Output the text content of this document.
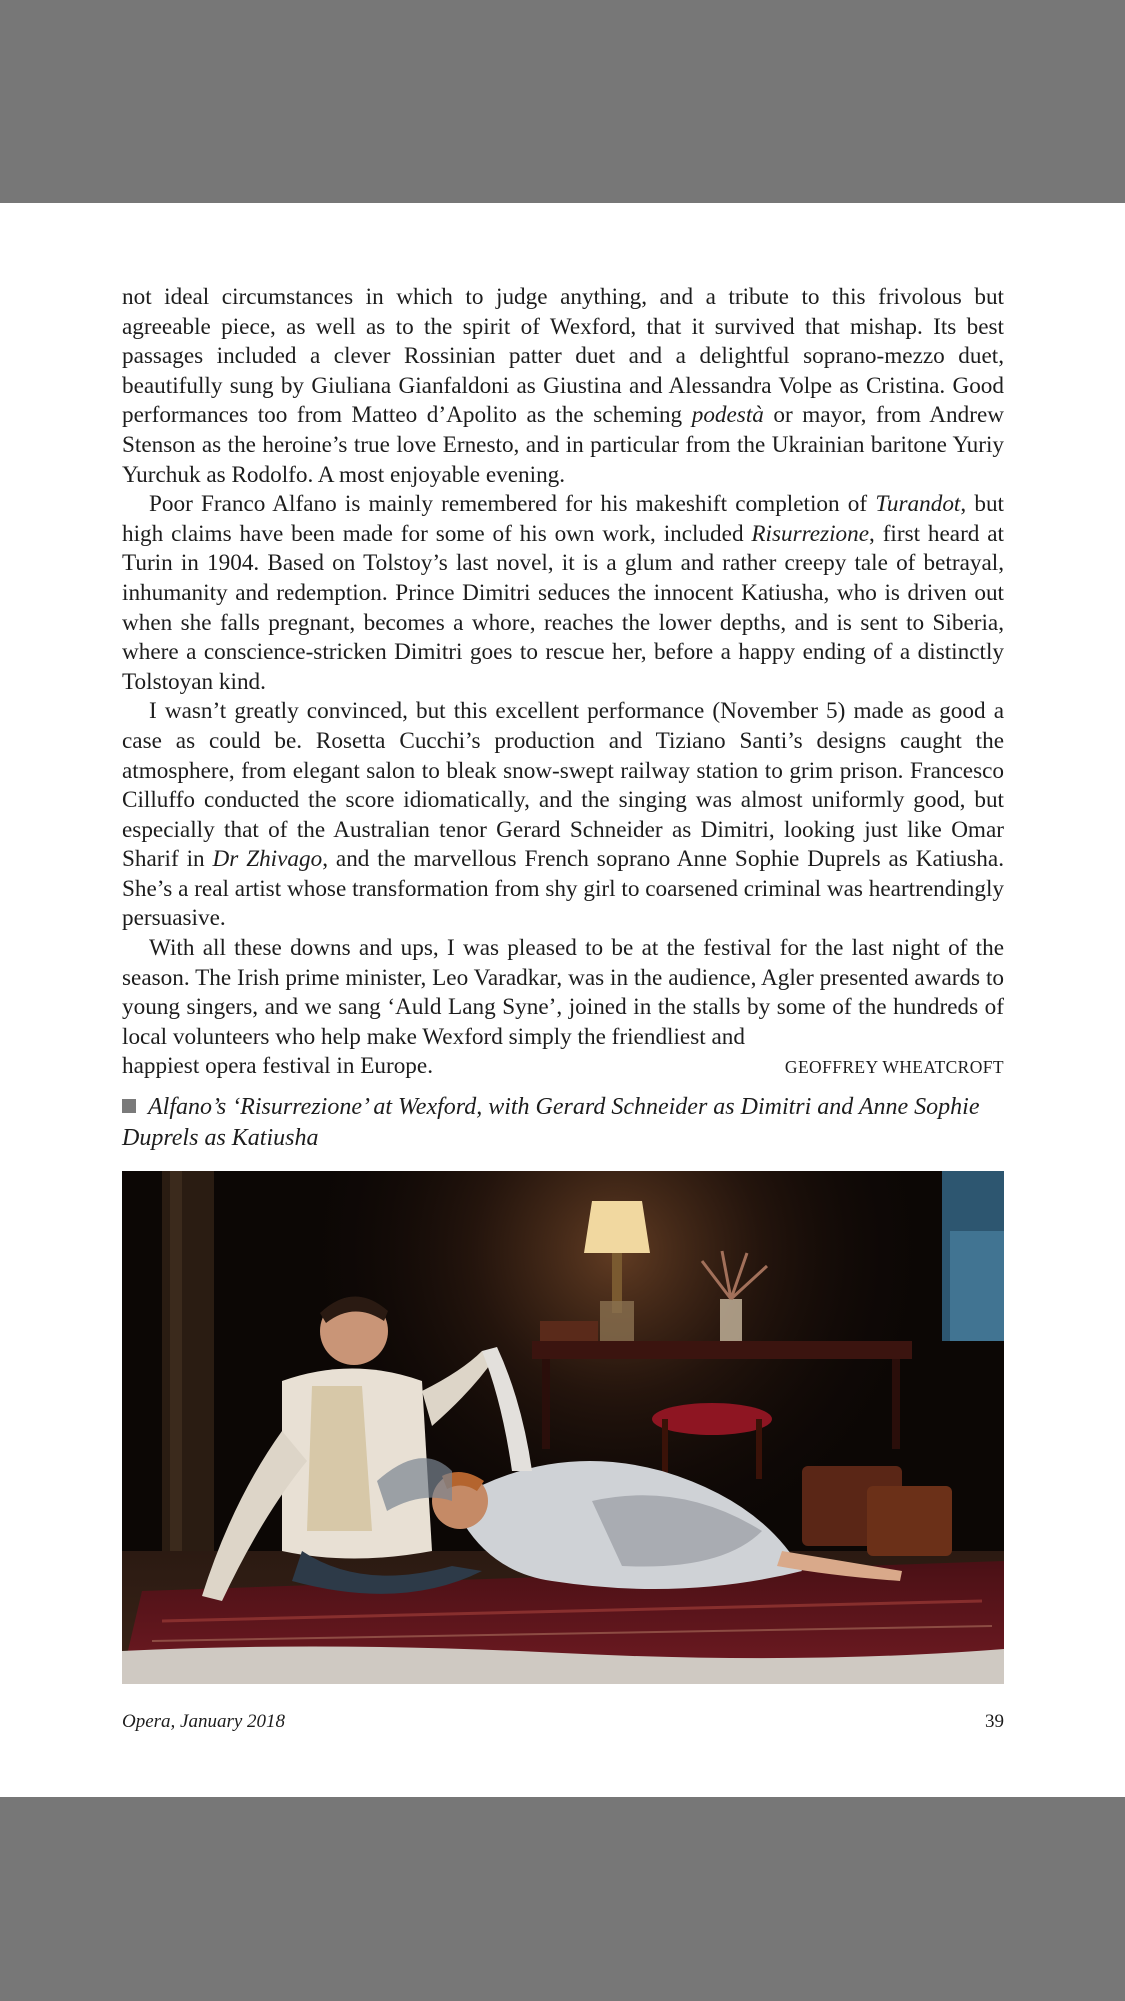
not ideal circumstances in which to judge anything, and a tribute to this frivolous but agreeable piece, as well as to the spirit of Wexford, that it survived that mishap. Its best passages included a clever Rossinian patter duet and a delightful soprano-mezzo duet, beautifully sung by Giuliana Gianfaldoni as Giustina and Alessandra Volpe as Cristina. Good performances too from Matteo d’Apolito as the scheming podestà or mayor, from Andrew Stenson as the heroine’s true love Ernesto, and in particular from the Ukrainian baritone Yuriy Yurchuk as Rodolfo. A most enjoyable evening.

Poor Franco Alfano is mainly remembered for his makeshift completion of Turandot, but high claims have been made for some of his own work, included Risurrezione, first heard at Turin in 1904. Based on Tolstoy’s last novel, it is a glum and rather creepy tale of betrayal, inhumanity and redemption. Prince Dimitri seduces the innocent Katiusha, who is driven out when she falls pregnant, becomes a whore, reaches the lower depths, and is sent to Siberia, where a conscience-stricken Dimitri goes to rescue her, before a happy ending of a distinctly Tolstoyan kind.

I wasn’t greatly convinced, but this excellent performance (November 5) made as good a case as could be. Rosetta Cucchi’s production and Tiziano Santi’s designs caught the atmosphere, from elegant salon to bleak snow-swept railway station to grim prison. Francesco Cilluffo conducted the score idiomatically, and the singing was almost uniformly good, but especially that of the Australian tenor Gerard Schneider as Dimitri, looking just like Omar Sharif in Dr Zhivago, and the marvellous French soprano Anne Sophie Duprels as Katiusha. She’s a real artist whose transformation from shy girl to coarsened criminal was heartrendingly persuasive.

With all these downs and ups, I was pleased to be at the festival for the last night of the season. The Irish prime minister, Leo Varadkar, was in the audience, Agler presented awards to young singers, and we sang ‘Auld Lang Syne’, joined in the stalls by some of the hundreds of local volunteers who help make Wexford simply the friendliest and

happiest opera festival in Europe.	GEOFFREY WHEATCROFT
Alfano’s ‘Risurrezione’ at Wexford, with Gerard Schneider as Dimitri and Anne Sophie Duprels as Katiusha
Opera, January 2018	39
